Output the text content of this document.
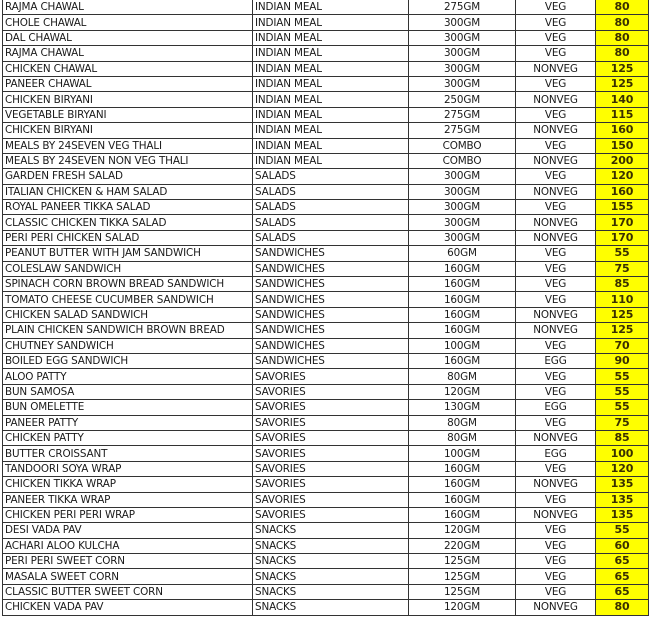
RAJMA CHAWAL	INDIAN MEAL	275GM	VEG	80
CHOLE CHAWAL	INDIAN MEAL	300GM	VEG	80
DAL CHAWAL	INDIAN MEAL	300GM	VEG	80
RAJMA CHAWAL	INDIAN MEAL	300GM	VEG	80
CHICKEN CHAWAL	INDIAN MEAL	300GM	NONVEG	125
PANEER CHAWAL	INDIAN MEAL	300GM	VEG	125
CHICKEN BIRYANI	INDIAN MEAL	250GM	NONVEG	140
VEGETABLE BIRYANI	INDIAN MEAL	275GM	VEG	115
CHICKEN BIRYANI	INDIAN MEAL	275GM	NONVEG	160
MEALS BY 24SEVEN VEG THALI	INDIAN MEAL	COMBO	VEG	150
MEALS BY 24SEVEN NON VEG THALI	INDIAN MEAL	COMBO	NONVEG	200
GARDEN FRESH SALAD	SALADS	300GM	VEG	120
ITALIAN CHICKEN & HAM SALAD	SALADS	300GM	NONVEG	160
ROYAL PANEER TIKKA SALAD	SALADS	300GM	VEG	155
CLASSIC CHICKEN TIKKA SALAD	SALADS	300GM	NONVEG	170
PERI PERI CHICKEN SALAD	SALADS	300GM	NONVEG	170
PEANUT BUTTER WITH JAM SANDWICH	SANDWICHES	60GM	VEG	55
COLESLAW SANDWICH	SANDWICHES	160GM	VEG	75
SPINACH CORN BROWN BREAD SANDWICH	SANDWICHES	160GM	VEG	85
TOMATO CHEESE CUCUMBER SANDWICH	SANDWICHES	160GM	VEG	110
CHICKEN SALAD SANDWICH	SANDWICHES	160GM	NONVEG	125
PLAIN CHICKEN SANDWICH BROWN BREAD	SANDWICHES	160GM	NONVEG	125
CHUTNEY SANDWICH	SANDWICHES	100GM	VEG	70
BOILED EGG SANDWICH	SANDWICHES	160GM	EGG	90
ALOO PATTY	SAVORIES	80GM	VEG	55
BUN SAMOSA	SAVORIES	120GM	VEG	55
BUN OMELETTE	SAVORIES	130GM	EGG	55
PANEER PATTY	SAVORIES	80GM	VEG	75
CHICKEN PATTY	SAVORIES	80GM	NONVEG	85
BUTTER CROISSANT	SAVORIES	100GM	EGG	100
TANDOORI SOYA WRAP	SAVORIES	160GM	VEG	120
CHICKEN TIKKA WRAP	SAVORIES	160GM	NONVEG	135
PANEER TIKKA WRAP	SAVORIES	160GM	VEG	135
CHICKEN PERI PERI WRAP	SAVORIES	160GM	NONVEG	135
DESI VADA PAV	SNACKS	120GM	VEG	55
ACHARI ALOO KULCHA	SNACKS	220GM	VEG	60
PERI PERI SWEET CORN	SNACKS	125GM	VEG	65
MASALA SWEET CORN	SNACKS	125GM	VEG	65
CLASSIC BUTTER SWEET CORN	SNACKS	125GM	VEG	65
CHICKEN VADA PAV	SNACKS	120GM	NONVEG	80
